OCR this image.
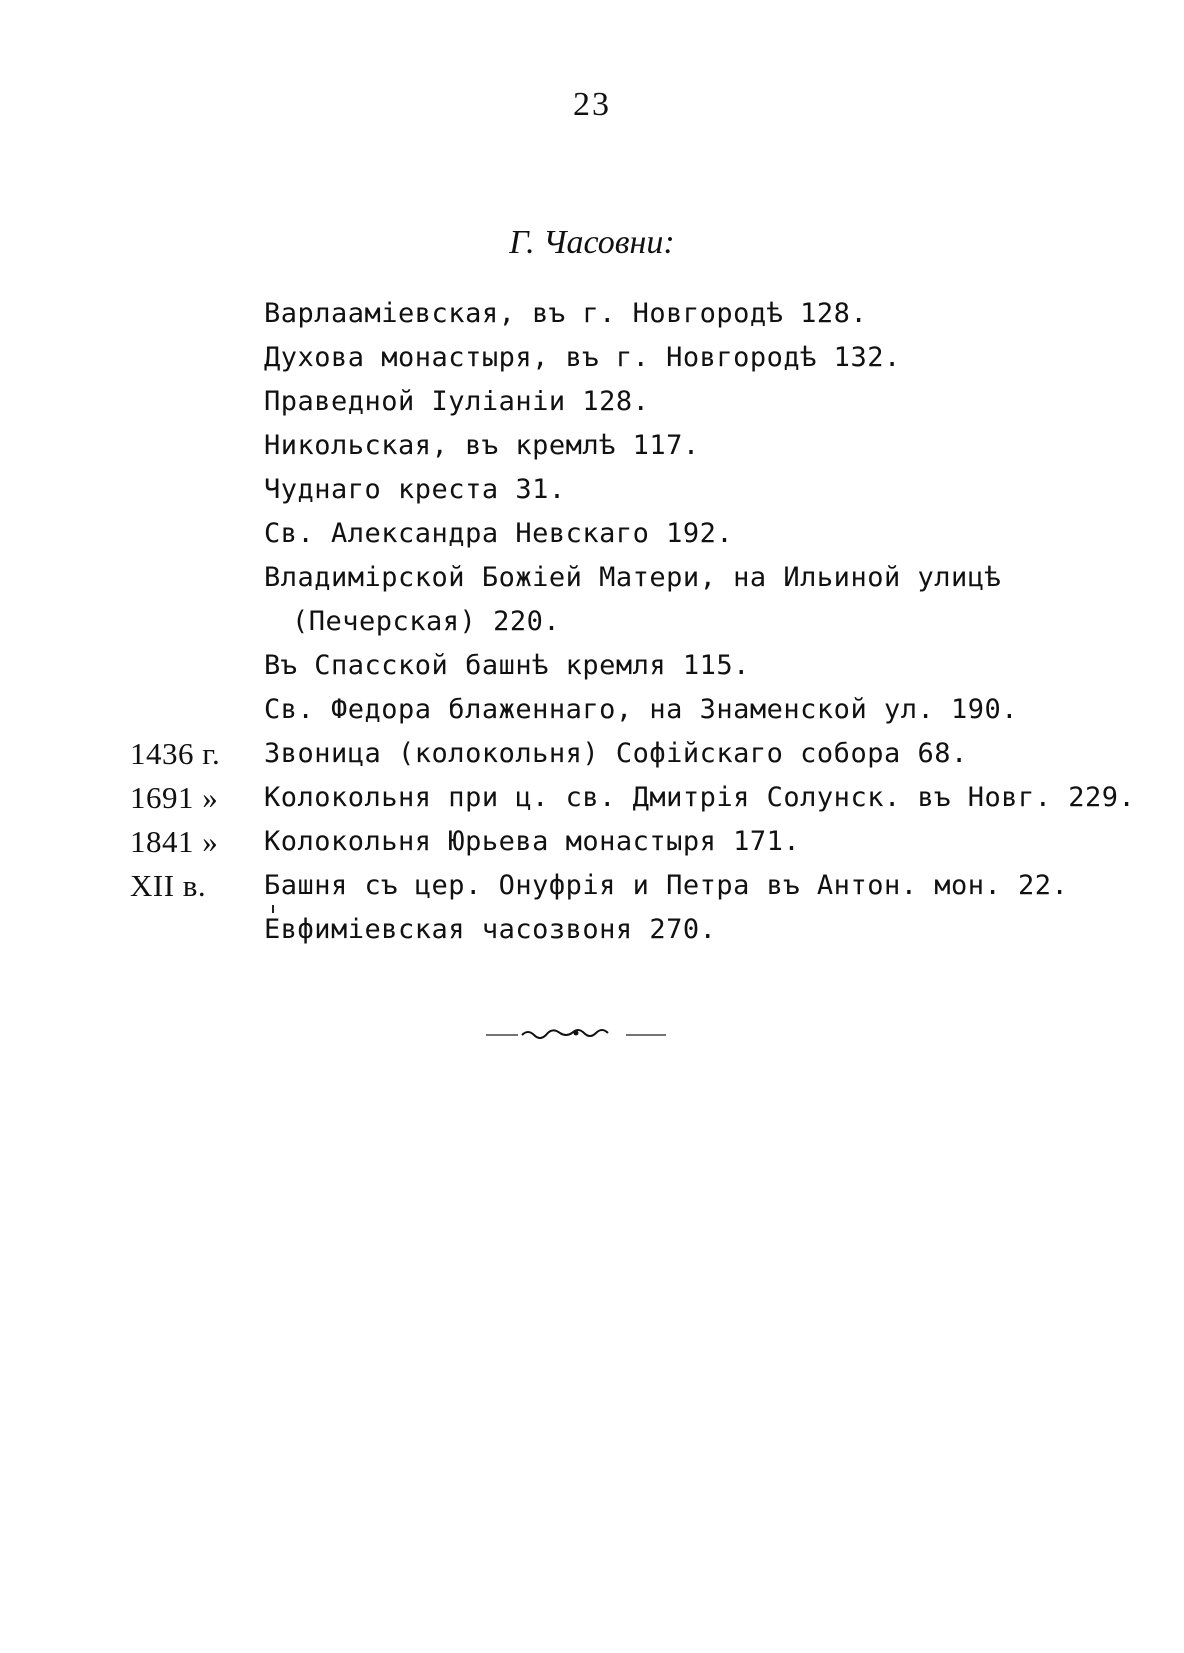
23
Г. Часовни:
Варлаамiевская, въ г. Новгородѣ 128.
Духова монастыря, въ г. Новгородѣ 132.
Праведной Iуліаніи 128.
Никольская, въ кремлѣ 117.
Чуднаго креста 31.
Св. Александра Невскаго 192.
Владимiрской Божiей Матери, на Ильиной улицѣ
(Печерская) 220.
Въ Спасской башнѣ кремля 115.
Св. Федора блаженнаго, на Знаменской ул. 190.
1436 г.	Звоница (колокольня) Софiйскаго собора 68.
1691 »	Колокольня при ц. св. Дмитрiя Солунск. въ Новг. 229.
1841 »	Колокольня Юрьева монастыря 171.
XII в.	Башня съ цер. Онуфрiя и Петра въ Антон. мон. 22.
Евфимiевская часозвоня 270.
